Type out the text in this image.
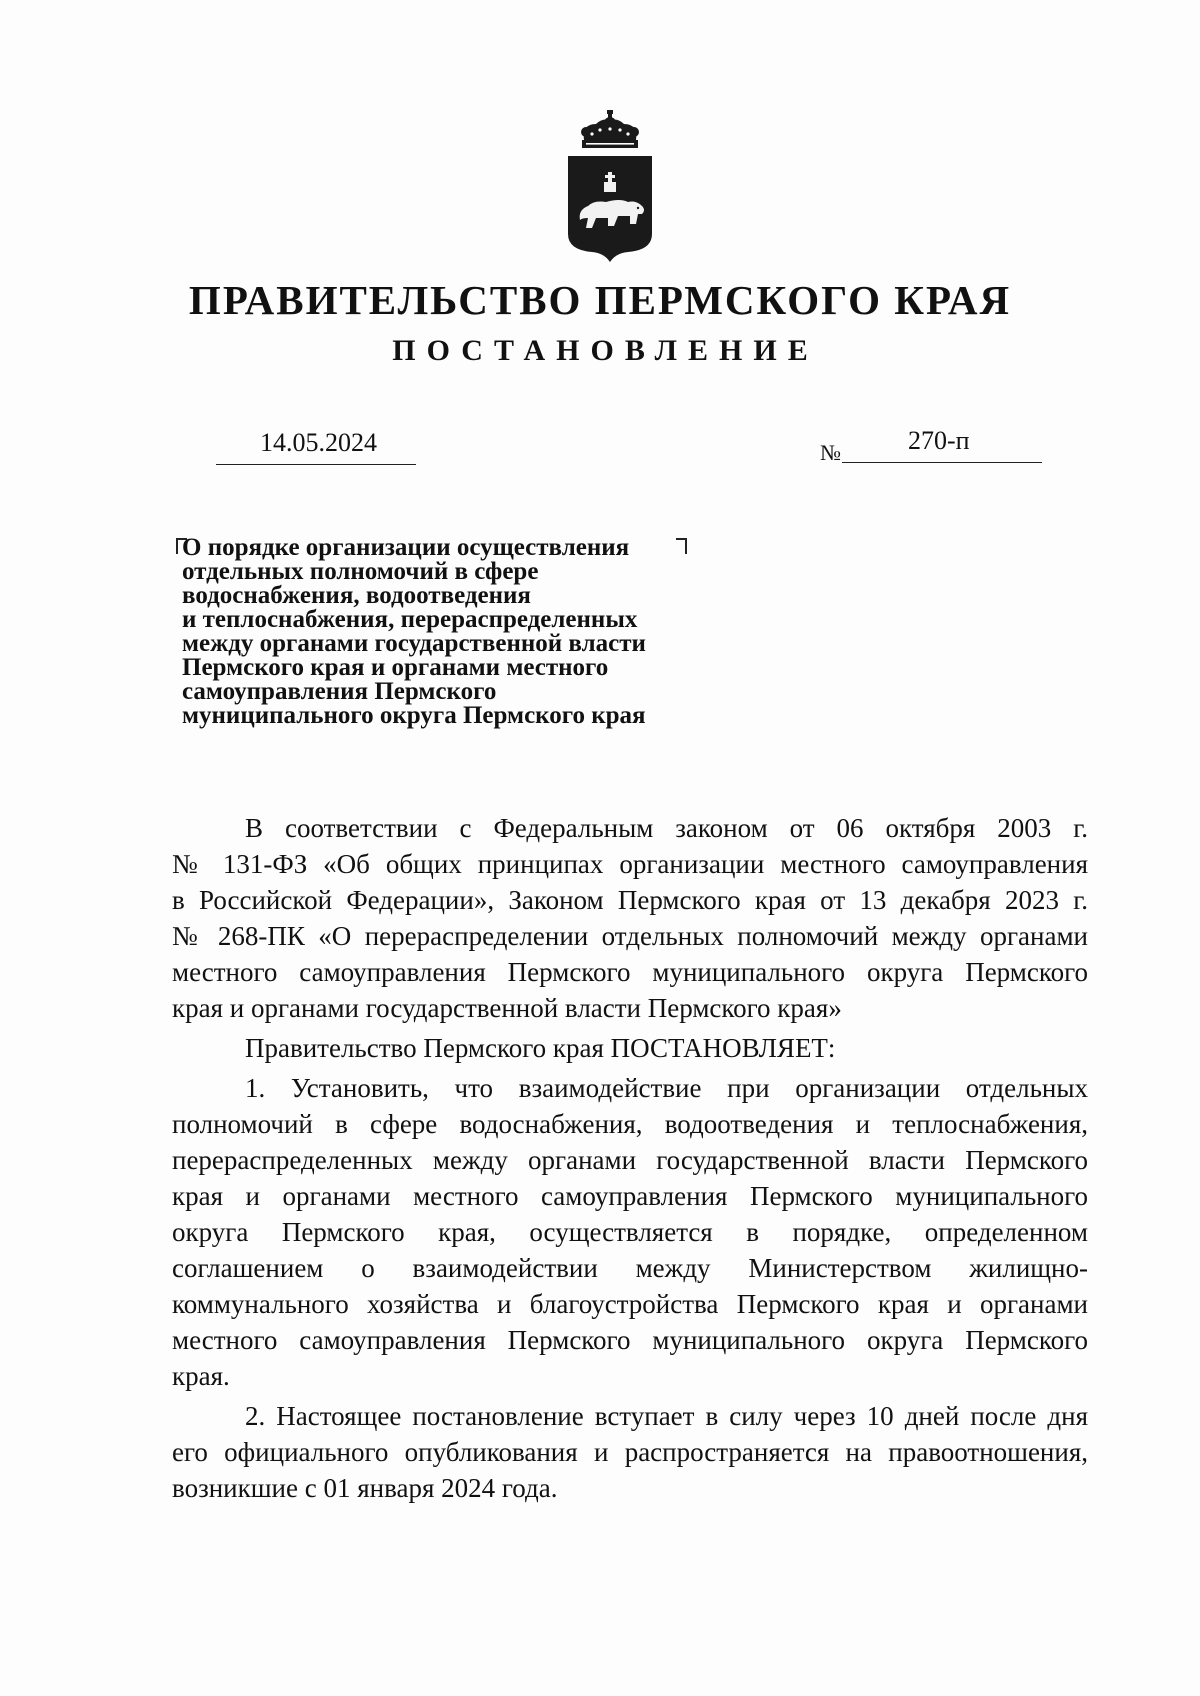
ПРАВИТЕЛЬСТВО ПЕРМСКОГО КРАЯ
ПОСТАНОВЛЕНИЕ
14.05.2024	№	270-п
О порядке организации осуществления
отдельных полномочий в сфере
водоснабжения, водоотведения
и теплоснабжения, перераспределенных
между органами государственной власти
Пермского края и органами местного
самоуправления Пермского
муниципального округа Пермского края
В соответствии с Федеральным законом от 06 октября 2003 г.
№ 131-ФЗ «Об общих принципах организации местного самоуправления
в Российской Федерации», Законом Пермского края от 13 декабря 2023 г.
№ 268-ПК «О перераспределении отдельных полномочий между органами
местного самоуправления Пермского муниципального округа Пермского
края и органами государственной власти Пермского края»
Правительство Пермского края ПОСТАНОВЛЯЕТ:
1. Установить, что взаимодействие при организации отдельных
полномочий в сфере водоснабжения, водоотведения и теплоснабжения,
перераспределенных между органами государственной власти Пермского
края и органами местного самоуправления Пермского муниципального
округа Пермского края, осуществляется в порядке, определенном
соглашением о взаимодействии между Министерством жилищно-
коммунального хозяйства и благоустройства Пермского края и органами
местного самоуправления Пермского муниципального округа Пермского
края.
2. Настоящее постановление вступает в силу через 10 дней после дня
его официального опубликования и распространяется на правоотношения,
возникшие с 01 января 2024 года.
